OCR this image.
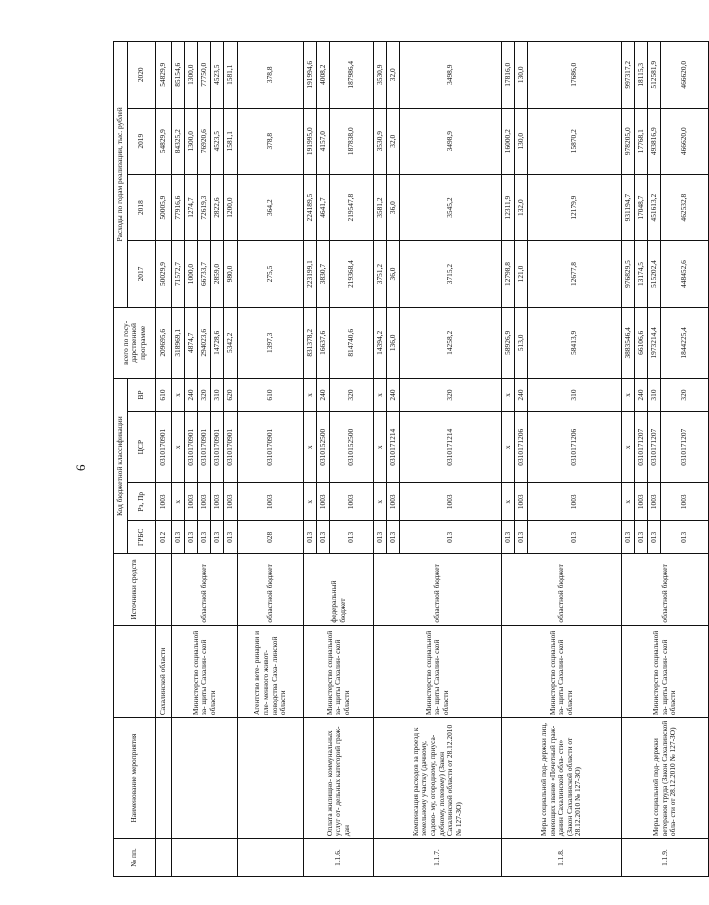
6
№ пп.	Наименование мероприятия		Источники средств	Код бюджетной классификации				всего по госу- дарственной программе	Расходы по годам реализации, тыс. рублей			
				ГРБС	Рз, Пр	ЦСР	ВР		2017	2018	2019	2020
		Сахалинской области		012	1003	0310170901	610	209695,6	50029,9	50005,9	54829,9	54829,9
		Министерство социальной за- щиты Сахалин- ской области	областной бюджет	013	x	x	x	318969,1	71572,7	77916,6	84325,2	85154,6
				013	1003	0310170901	240	4874,7	1000,0	1274,7	1300,0	1300,0
				013	1003	0310170901	320	294023,6	66733,7	72619,3	76920,6	77750,0
				013	1003	0310170901	310	14728,6	2859,0	2822,6	4523,5	4523,5
				013	1003	0310170901	620	5342,2	980,0	1200,0	1581,1	1581,1
		Агентство вете- ринарии и пле- менного живот- новодства Саха- линской области	областной бюджет	028	1003	0310170901	610	1397,3	275,5	364,2	378,8	378,8
1.1.6.	Оплата жилищно- коммунальных услуг от- дельных категорий граж- дан	Министерство социальной за- щиты Сахалин- ской области	федеральный бюджет	013	x	x	x	831378,2	223199,1	224189,5	191995,0	191994,6
				013	1003	0310152500	240	16637,6	3830,7	4641,7	4157,0	4008,2
				013	1003	0310152500	320	814740,6	219368,4	219547,8	187838,0	187986,4
1.1.7.	Компенсация расходов за проезд к земельному участку (дачному, садово- му, огородному, приуса- дебному, полевому) (Закон Сахалинской области от 28.12.2010 № 127-ЗО)	Министерство социальной за- щиты Сахалин- ской области	областной бюджет	013	x	x	x	14394,2	3751,2	3581,2	3530,9	3530,9
				013	1003	0310171214	240	136,0	36,0	36,0	32,0	32,0
				013	1003	0310171214	320	14258,2	3715,2	3545,2	3498,9	3498,9
1.1.8.	Меры социальной под- держки лиц, имеющих звание «Почетный граж- данин Сахалинской обла- сти» (Закон Сахалинской области от 28.12.2010 № 127-ЗО)	Министерство социальной за- щиты Сахалин- ской области	областной бюджет	013	x	x	x	58926,9	12798,8	12311,9	16000,2	17816,0
				013	1003	0310171206	240	513,0	121,0	132,0	130,0	130,0
				013	1003	0310171206	310	58413,9	12677,8	12179,9	15870,2	17686,0
1.1.9.	Меры социальной под- держки ветеранов труда (Закон Сахалинской обла- сти от 28.12.2010 № 127-ЗО)	Министерство социальной за- щиты Сахалин- ской области	областной бюджет	013	x	x	x	3883546,4	976829,5	931194,7	978205,0	997317,2
				013	1003	0310171207	240	66106,6	13174,5	17048,7	17768,1	18115,3
				013	1003	0310171207	310	1973214,4	515202,4	451613,2	493816,9	512581,9
				013	1003	0310171207	320	1844225,4	448452,6	462532,8	466620,0	466620,0
